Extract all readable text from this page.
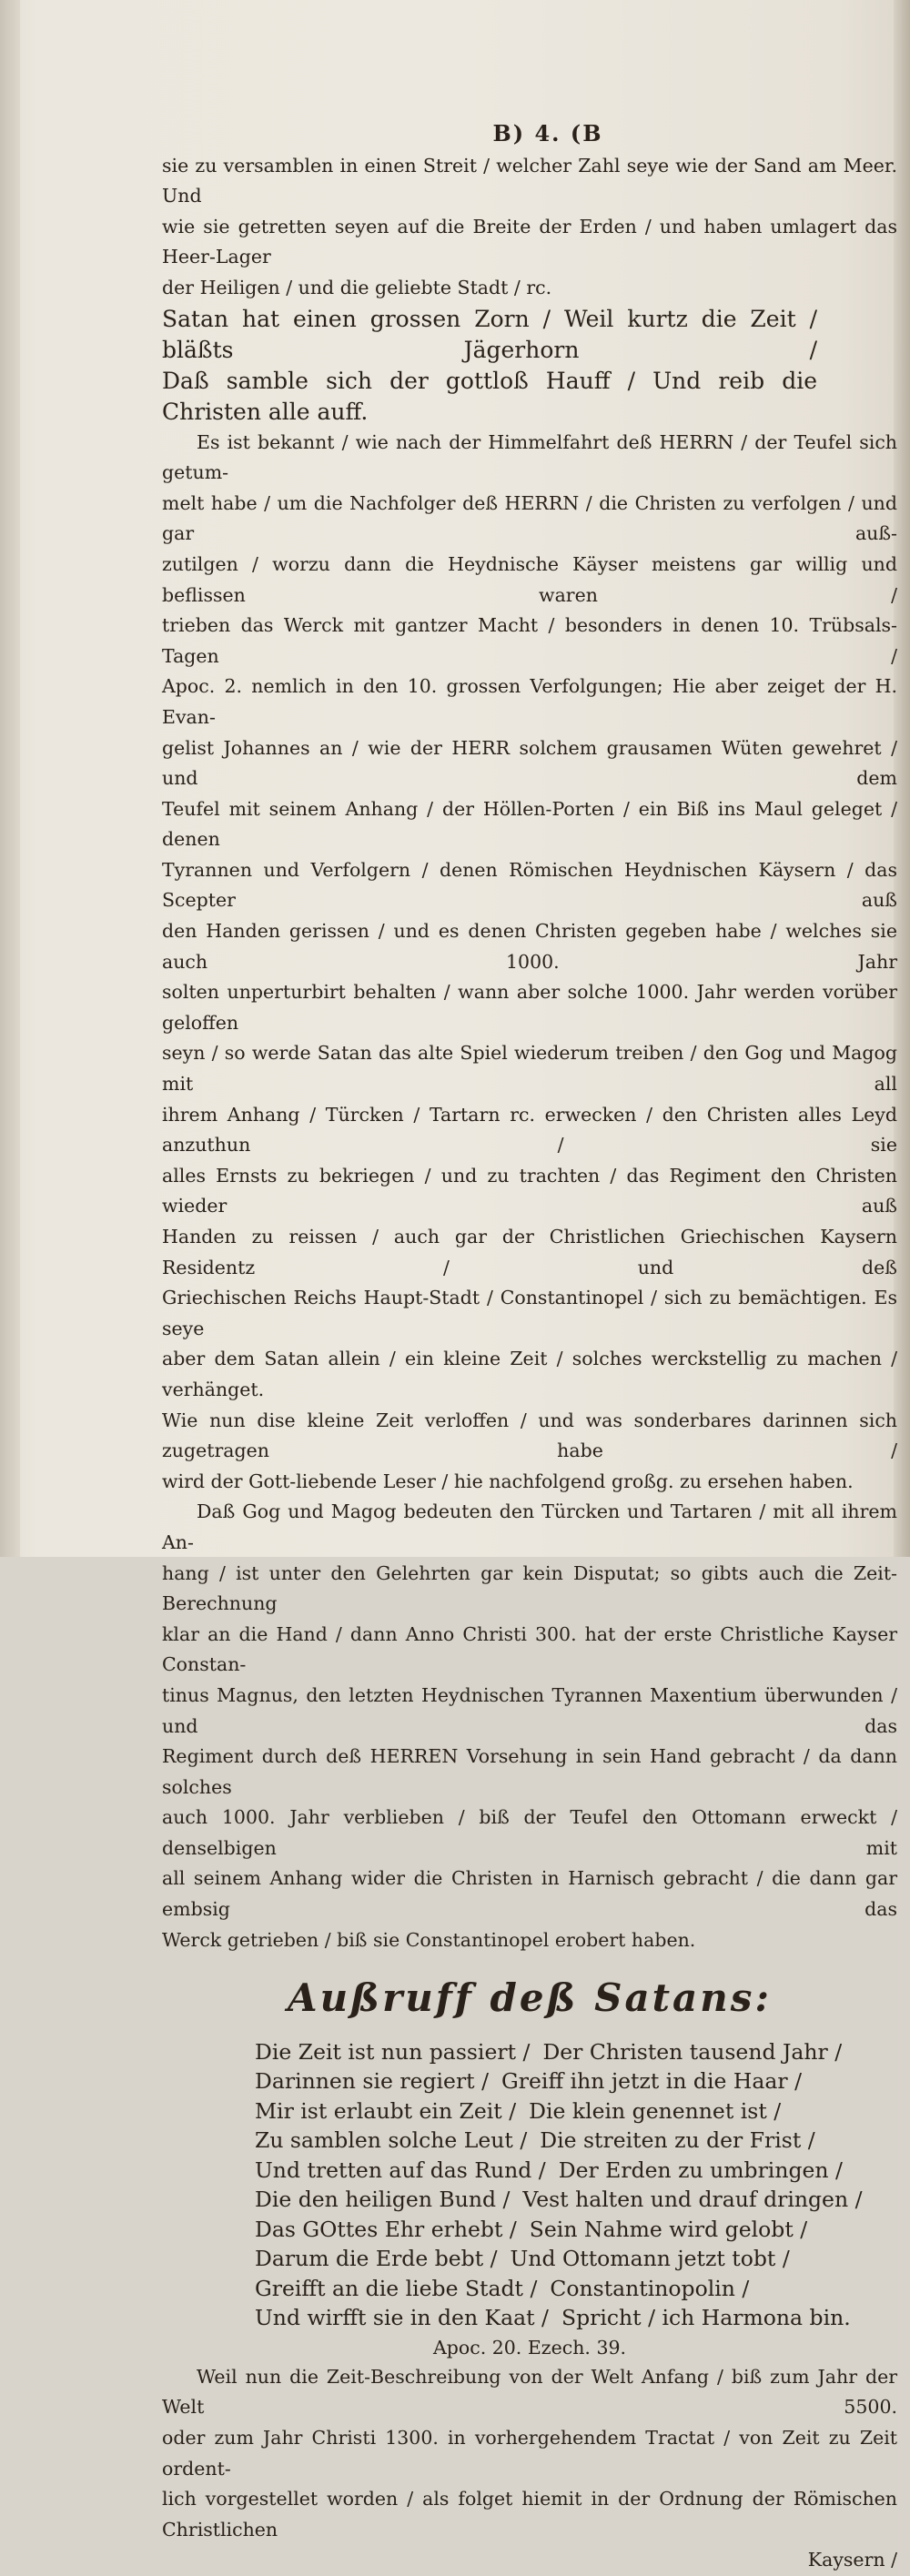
B) 4. (B

sie zu versamblen in einen Streit / welcher Zahl seye wie der Sand am Meer. Und

wie sie getretten seyen auf die Breite der Erden / und haben umlagert das Heer-Lager

der Heiligen / und die geliebte Stadt / rc.

Satan hat einen grossen Zorn / Weil kurtz die Zeit / bläßts Jägerhorn /

Daß samble sich der gottloß Hauff / Und reib die Christen alle auff.

Es ist bekannt / wie nach der Himmelfahrt deß HERRN / der Teufel sich getum-

melt habe / um die Nachfolger deß HERRN / die Christen zu verfolgen / und gar auß-

zutilgen / worzu dann die Heydnische Käyser meistens gar willig und beflissen waren /

trieben das Werck mit gantzer Macht / besonders in denen 10. Trübsals-Tagen /

Apoc. 2. nemlich in den 10. grossen Verfolgungen; Hie aber zeiget der H. Evan-

gelist Johannes an / wie der HERR solchem grausamen Wüten gewehret / und dem

Teufel mit seinem Anhang / der Höllen-Porten / ein Biß ins Maul geleget / denen

Tyrannen und Verfolgern / denen Römischen Heydnischen Käysern / das Scepter auß

den Handen gerissen / und es denen Christen gegeben habe / welches sie auch 1000. Jahr

solten unperturbirt behalten / wann aber solche 1000. Jahr werden vorüber geloffen

seyn / so werde Satan das alte Spiel wiederum treiben / den Gog und Magog mit all

ihrem Anhang / Türcken / Tartarn rc. erwecken / den Christen alles Leyd anzuthun / sie

alles Ernsts zu bekriegen / und zu trachten / das Regiment den Christen wieder auß

Handen zu reissen / auch gar der Christlichen Griechischen Kaysern Residentz / und deß

Griechischen Reichs Haupt-Stadt / Constantinopel / sich zu bemächtigen. Es seye

aber dem Satan allein / ein kleine Zeit / solches werckstellig zu machen / verhänget.

Wie nun dise kleine Zeit verloffen / und was sonderbares darinnen sich zugetragen habe /

wird der Gott-liebende Leser / hie nachfolgend großg. zu ersehen haben.

Daß Gog und Magog bedeuten den Türcken und Tartaren / mit all ihrem An-

hang / ist unter den Gelehrten gar kein Disputat; so gibts auch die Zeit-Berechnung

klar an die Hand / dann Anno Christi 300. hat der erste Christliche Kayser Constan-

tinus Magnus, den letzten Heydnischen Tyrannen Maxentium überwunden / und das

Regiment durch deß HERREN Vorsehung in sein Hand gebracht / da dann solches

auch 1000. Jahr verblieben / biß der Teufel den Ottomann erweckt / denselbigen mit

all seinem Anhang wider die Christen in Harnisch gebracht / die dann gar embsig das

Werck getrieben / biß sie Constantinopel erobert haben.

Außruff deß Satans:
Die Zeit ist nun passiert / Der Christen tausend Jahr /
Darinnen sie regiert / Greiff ihn jetzt in die Haar /
Mir ist erlaubt ein Zeit / Die klein genennet ist /
Zu samblen solche Leut / Die streiten zu der Frist /
Und tretten auf das Rund / Der Erden zu umbringen /
Die den heiligen Bund / Vest halten und drauf dringen /
Das GOttes Ehr erhebt / Sein Nahme wird gelobt /
Darum die Erde bebt / Und Ottomann jetzt tobt /
Greifft an die liebe Stadt / Constantinopolin /
Und wirfft sie in den Kaat / Spricht / ich Harmona bin.

Apoc. 20. Ezech. 39.

Weil nun die Zeit-Beschreibung von der Welt Anfang / biß zum Jahr der Welt 5500.

oder zum Jahr Christi 1300. in vorhergehendem Tractat / von Zeit zu Zeit ordent-

lich vorgestellet worden / als folget hiemit in der Ordnung der Römischen Christlichen

Kaysern /
